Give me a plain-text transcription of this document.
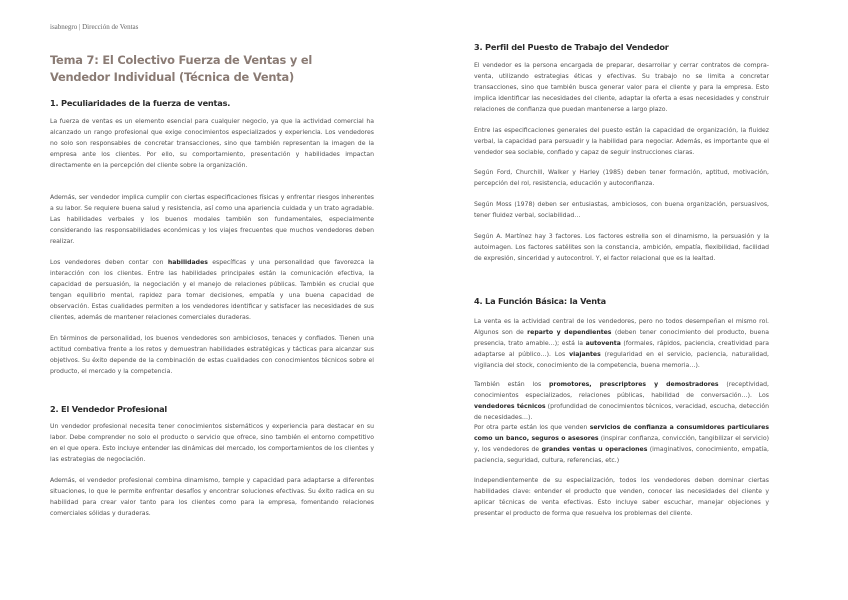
isabnegro | Dirección de Ventas
Tema 7: El Colectivo Fuerza de Ventas y el Vendedor Individual (Técnica de Venta)
1. Peculiaridades de la fuerza de ventas.

La fuerza de ventas es un elemento esencial para cualquier negocio, ya que la actividad comercial ha alcanzado un rango profesional que exige conocimientos especializados y experiencia. Los vendedores no solo son responsables de concretar transacciones, sino que también representan la imagen de la empresa ante los clientes. Por ello, su comportamiento, presentación y habilidades impactan directamente en la percepción del cliente sobre la organización.

Además, ser vendedor implica cumplir con ciertas especificaciones físicas y enfrentar riesgos inherentes a su labor. Se requiere buena salud y resistencia, así como una apariencia cuidada y un trato agradable. Las habilidades verbales y los buenos modales también son fundamentales, especialmente considerando las responsabilidades económicas y los viajes frecuentes que muchos vendedores deben realizar.

Los vendedores deben contar con habilidades específicas y una personalidad que favorezca la interacción con los clientes. Entre las habilidades principales están la comunicación efectiva, la capacidad de persuasión, la negociación y el manejo de relaciones públicas. También es crucial que tengan equilibrio mental, rapidez para tomar decisiones, empatía y una buena capacidad de observación. Estas cualidades permiten a los vendedores identificar y satisfacer las necesidades de sus clientes, además de mantener relaciones comerciales duraderas.

En términos de personalidad, los buenos vendedores son ambiciosos, tenaces y confiados. Tienen una actitud combativa frente a los retos y demuestran habilidades estratégicas y tácticas para alcanzar sus objetivos. Su éxito depende de la combinación de estas cualidades con conocimientos técnicos sobre el producto, el mercado y la competencia.

2. El Vendedor Profesional

Un vendedor profesional necesita tener conocimientos sistemáticos y experiencia para destacar en su labor. Debe comprender no solo el producto o servicio que ofrece, sino también el entorno competitivo en el que opera. Esto incluye entender las dinámicas del mercado, los comportamientos de los clientes y las estrategias de negociación.

Además, el vendedor profesional combina dinamismo, temple y capacidad para adaptarse a diferentes situaciones, lo que le permite enfrentar desafíos y encontrar soluciones efectivas. Su éxito radica en su habilidad para crear valor tanto para los clientes como para la empresa, fomentando relaciones comerciales sólidas y duraderas.

3. Perfil del Puesto de Trabajo del Vendedor

El vendedor es la persona encargada de preparar, desarrollar y cerrar contratos de compra-venta, utilizando estrategias éticas y efectivas. Su trabajo no se limita a concretar transacciones, sino que también busca generar valor para el cliente y para la empresa. Esto implica identificar las necesidades del cliente, adaptar la oferta a esas necesidades y construir relaciones de confianza que puedan mantenerse a largo plazo.

Entre las especificaciones generales del puesto están la capacidad de organización, la fluidez verbal, la capacidad para persuadir y la habilidad para negociar. Además, es importante que el vendedor sea sociable, confiado y capaz de seguir instrucciones claras.

Según Ford, Churchill, Walker y Harley (1985) deben tener formación, aptitud, motivación, percepción del rol, resistencia, educación y autoconfianza.

Según Moss (1978) deben ser entusiastas, ambiciosos, con buena organización, persuasivos, tener fluidez verbal, sociabilidad…

Según A. Martínez hay 3 factores. Los factores estrella son el dinamismo, la persuasión y la autoimagen. Los factores satélites son la constancia, ambición, empatía, flexibilidad, facilidad de expresión, sinceridad y autocontrol. Y, el factor relacional que es la lealtad.

4. La Función Básica: la Venta

La venta es la actividad central de los vendedores, pero no todos desempeñan el mismo rol. Algunos son de reparto y dependientes (deben tener conocimiento del producto, buena presencia, trato amable…); está la autoventa (formales, rápidos, paciencia, creatividad para adaptarse al público…). Los viajantes (regularidad en el servicio, paciencia, naturalidad, vigilancia del stock, conocimiento de la competencia, buena memoria…).

También están los promotores, prescriptores y demostradores (receptividad, conocimientos especializados, relaciones públicas, habilidad de conversación…). Los vendedores técnicos (profundidad de conocimientos técnicos, veracidad, escucha, detección de necesidades…).

Por otra parte están los que venden servicios de confianza a consumidores particulares como un banco, seguros o asesores (inspirar confianza, convicción, tangibilizar el servicio) y, los vendedores de grandes ventas u operaciones (imaginativos, conocimiento, empatía, paciencia, seguridad, cultura, referencias, etc.)

Independientemente de su especialización, todos los vendedores deben dominar ciertas habilidades clave: entender el producto que venden, conocer las necesidades del cliente y aplicar técnicas de venta efectivas. Esto incluye saber escuchar, manejar objeciones y presentar el producto de forma que resuelva los problemas del cliente.
